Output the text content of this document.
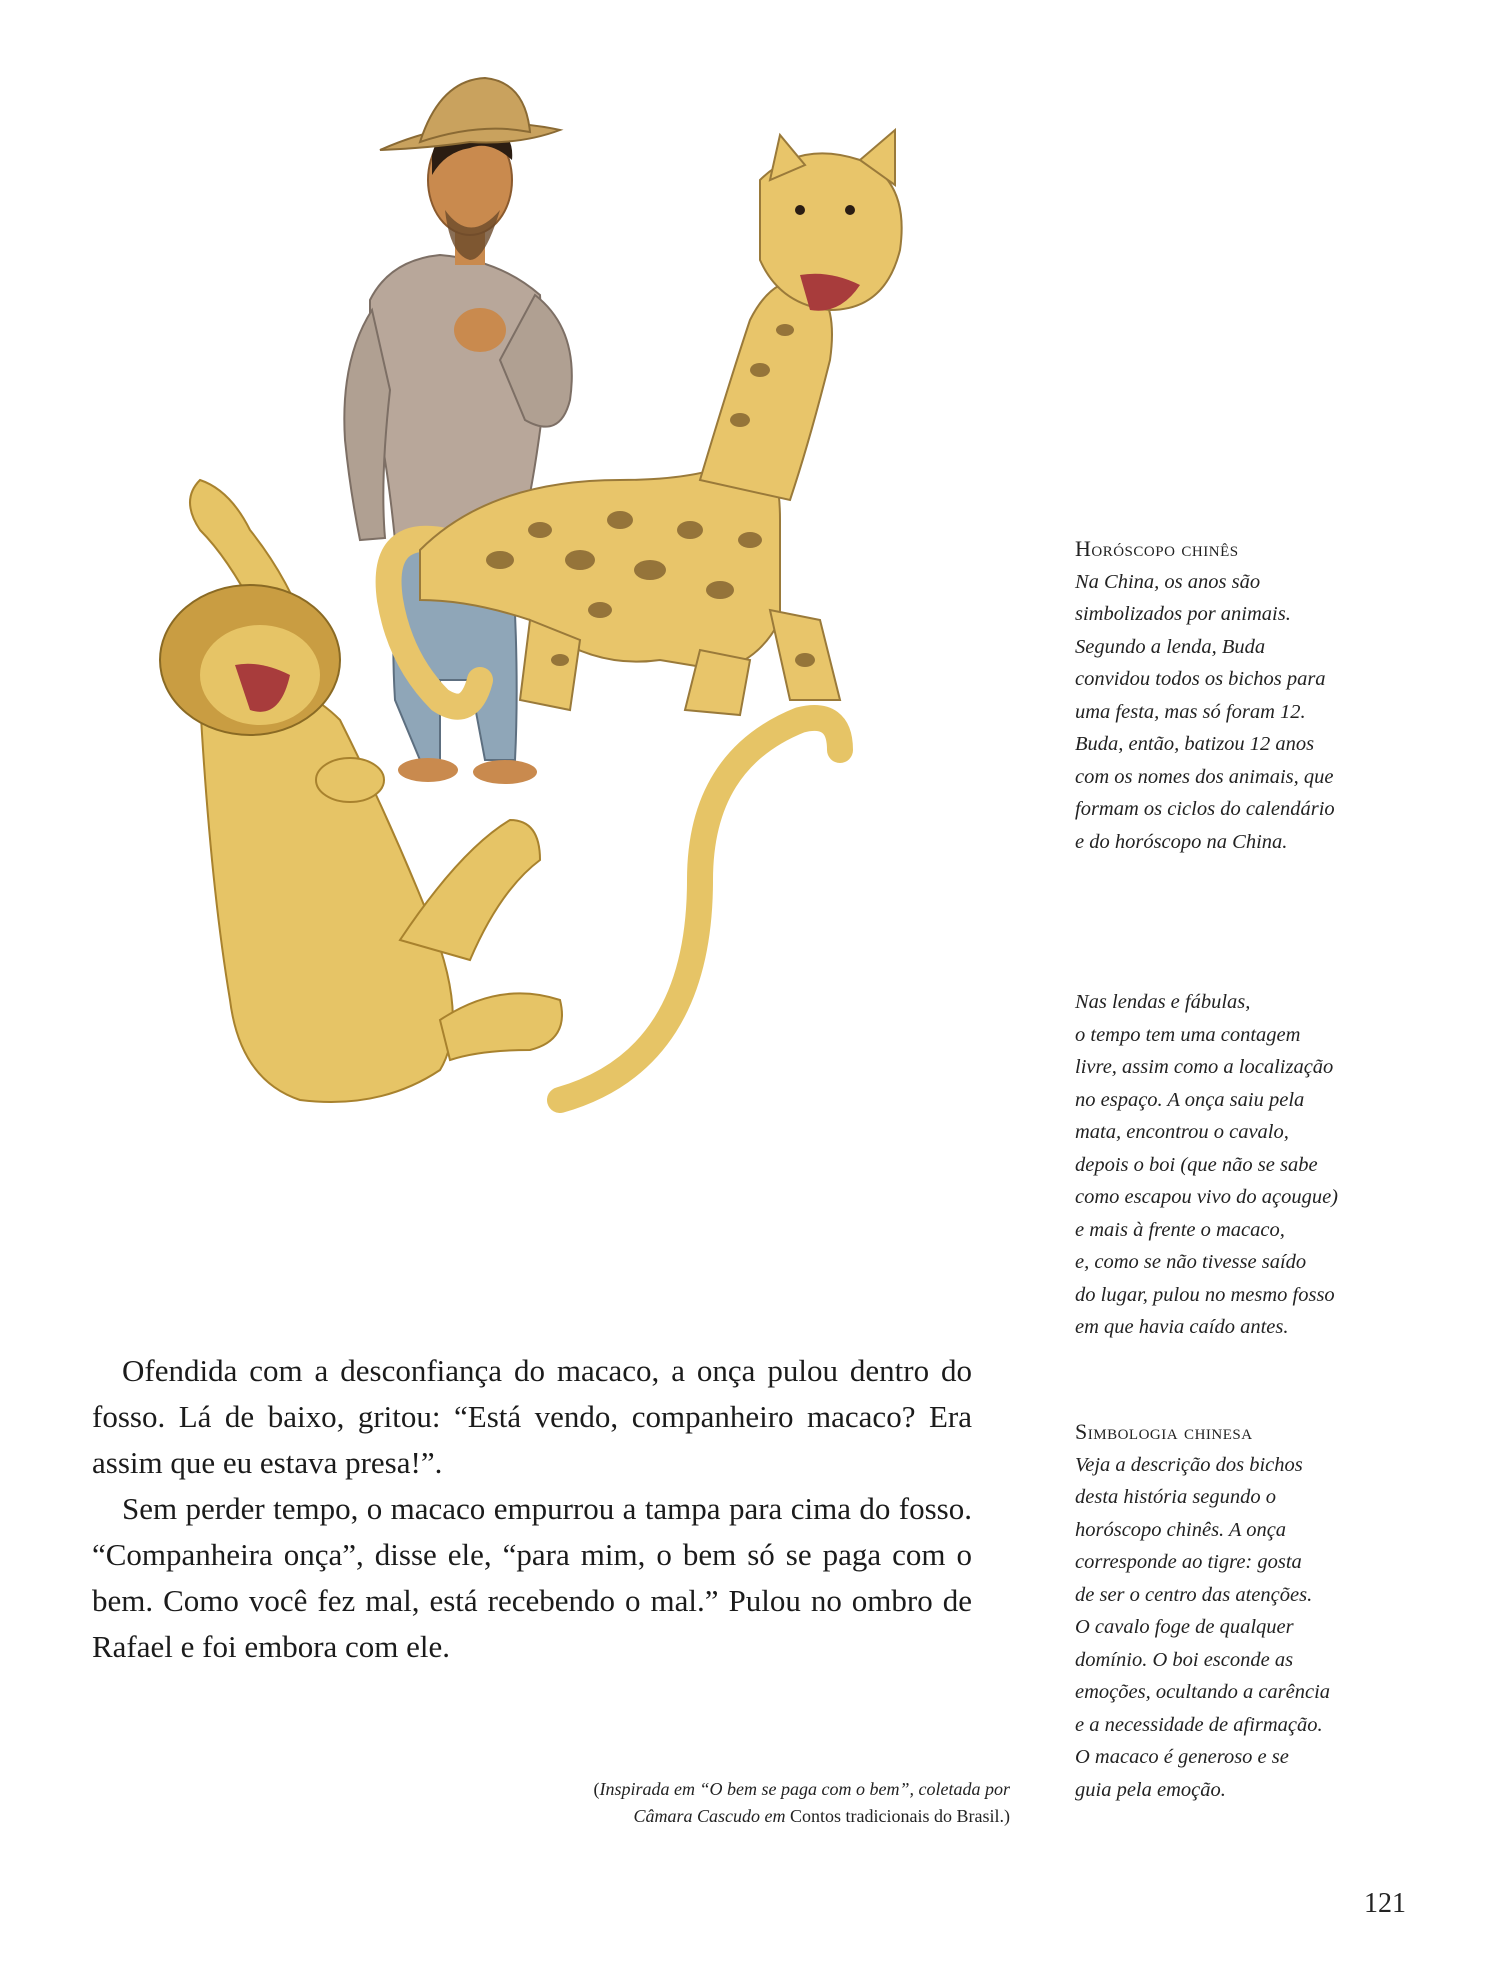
Horóscopo chinês
Na China, os anos são
simbolizados por animais.
Segundo a lenda, Buda
convidou todos os bichos para
uma festa, mas só foram 12.
Buda, então, batizou 12 anos
com os nomes dos animais, que
formam os ciclos do calendário
e do horóscopo na China.
Nas lendas e fábulas,
o tempo tem uma contagem
livre, assim como a localização
no espaço. A onça saiu pela
mata, encontrou o cavalo,
depois o boi (que não se sabe
como escapou vivo do açougue)
e mais à frente o macaco,
e, como se não tivesse saído
do lugar, pulou no mesmo fosso
em que havia caído antes.
Simbologia chinesa
Veja a descrição dos bichos
desta história segundo o
horóscopo chinês. A onça
corresponde ao tigre: gosta
de ser o centro das atenções.
O cavalo foge de qualquer
domínio. O boi esconde as
emoções, ocultando a carência
e a necessidade de afirmação.
O macaco é generoso e se
guia pela emoção.

Ofendida com a desconfiança do macaco, a onça pulou dentro do fosso. Lá de baixo, gritou: “Está vendo, companheiro macaco? Era assim que eu estava presa!”.

Sem perder tempo, o macaco empurrou a tampa para cima do fosso. “Companheira onça”, disse ele, “para mim, o bem só se paga com o bem. Como você fez mal, está recebendo o mal.” Pulou no ombro de Rafael e foi embora com ele.

(Inspirada em “O bem se paga com o bem”, coletada por
Câmara Cascudo em Contos tradicionais do Brasil.)
121
